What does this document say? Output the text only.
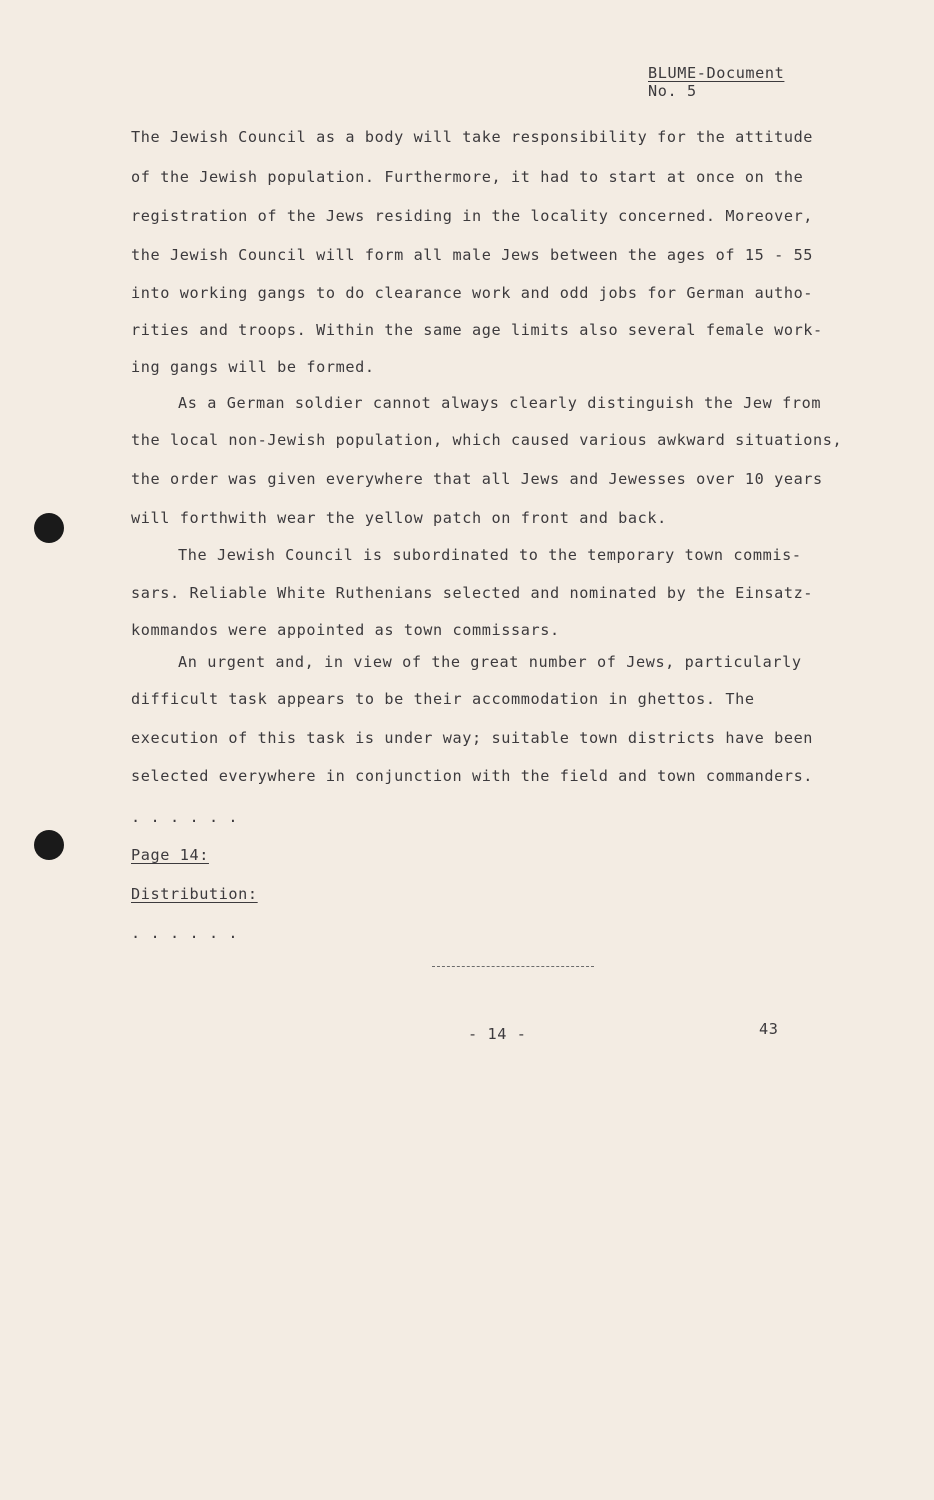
BLUME-Document
No. 5
The Jewish Council as a body will take responsibility for the attitude
of the Jewish population. Furthermore, it had to start at once on the
registration of the Jews residing in the locality concerned. Moreover,
the Jewish Council will form all male Jews between the ages of 15 - 55
into working gangs to do clearance work and odd jobs for German autho-
rities and troops. Within the same age limits also several female work-
ing gangs will be formed.
As a German soldier cannot always clearly distinguish the Jew from
the local non-Jewish population, which caused various awkward situations,
the order was given everywhere that all Jews and Jewesses over 10 years
will forthwith wear the yellow patch on front and back.
The Jewish Council is subordinated to the temporary town commis-
sars. Reliable White Ruthenians selected and nominated by the Einsatz-
kommandos were appointed as town commissars.
An urgent and, in view of the great number of Jews, particularly
difficult task appears to be their accommodation in ghettos. The
execution of this task is under way; suitable town districts have been
selected everywhere in conjunction with the field and town commanders.
. . . . . .
Page 14:
Distribution:
. . . . . .
- 14 -	43
